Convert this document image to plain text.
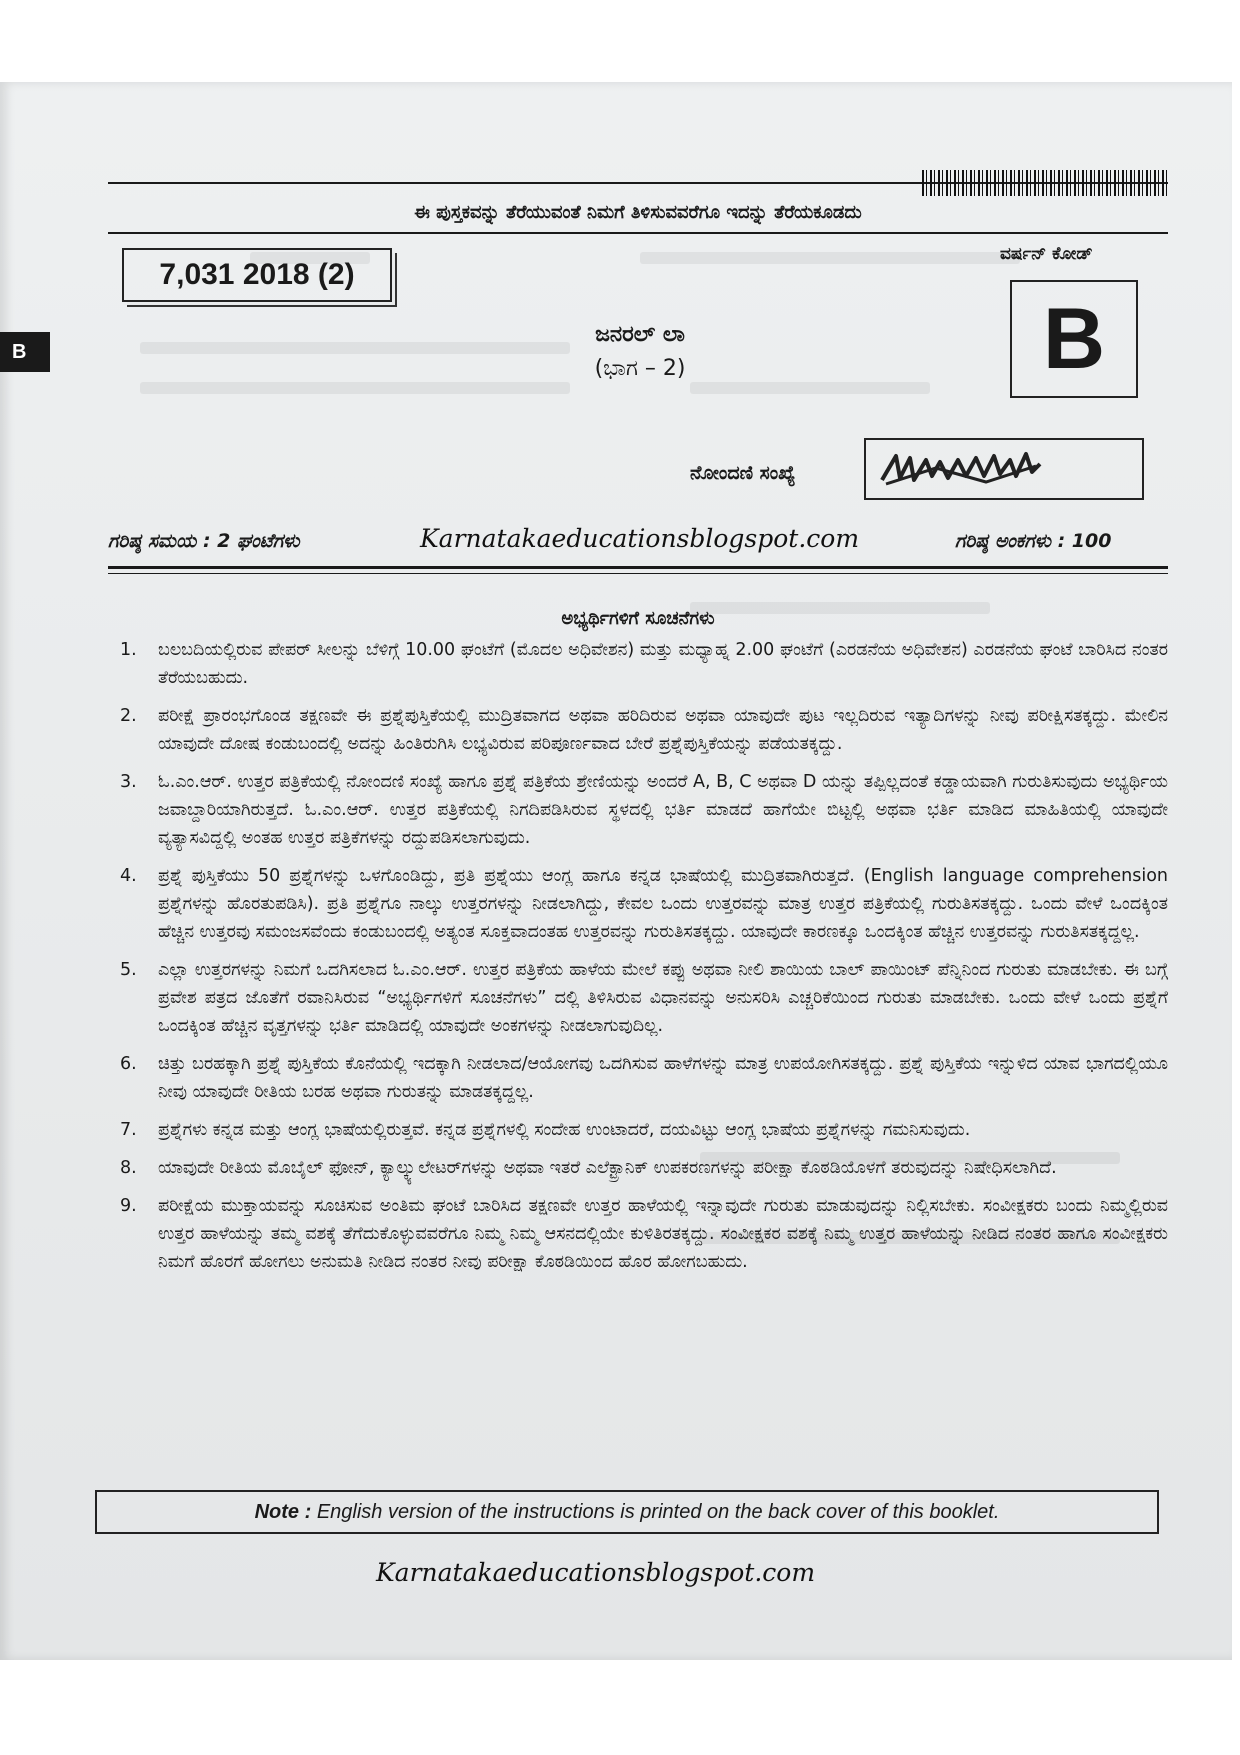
ಈ ಪುಸ್ತಕವನ್ನು ತೆರೆಯುವಂತೆ ನಿಮಗೆ ತಿಳಿಸುವವರೆಗೂ ಇದನ್ನು ತೆರೆಯಕೂಡದು
7,031 2018 (2)
ವರ್ಷನ್ ಕೋಡ್
B
B
ಜನರಲ್ ಲಾ
(ಭಾಗ – 2)
ನೋಂದಣಿ ಸಂಖ್ಯೆ
ಗರಿಷ್ಠ ಸಮಯ : 2 ಘಂಟೆಗಳು	Karnatakaeducationsblogspot.com	ಗರಿಷ್ಠ ಅಂಕಗಳು : 100
ಅಭ್ಯರ್ಥಿಗಳಿಗೆ ಸೂಚನೆಗಳು
1. ಬಲಬದಿಯಲ್ಲಿರುವ ಪೇಪರ್ ಸೀಲನ್ನು ಬೆಳಿಗ್ಗೆ 10.00 ಘಂಟೆಗೆ (ಮೊದಲ ಅಧಿವೇಶನ) ಮತ್ತು ಮಧ್ಯಾಹ್ನ 2.00 ಘಂಟೆಗೆ (ಎರಡನೆಯ ಅಧಿವೇಶನ) ಎರಡನೆಯ ಘಂಟೆ ಬಾರಿಸಿದ ನಂತರ ತೆರೆಯಬಹುದು.
2. ಪರೀಕ್ಷೆ ಪ್ರಾರಂಭಗೊಂಡ ತಕ್ಷಣವೇ ಈ ಪ್ರಶ್ನೆಪುಸ್ತಿಕೆಯಲ್ಲಿ ಮುದ್ರಿತವಾಗದ ಅಥವಾ ಹರಿದಿರುವ ಅಥವಾ ಯಾವುದೇ ಪುಟ ಇಲ್ಲದಿರುವ ಇತ್ಯಾದಿಗಳನ್ನು ನೀವು ಪರೀಕ್ಷಿಸತಕ್ಕದ್ದು. ಮೇಲಿನ ಯಾವುದೇ ದೋಷ ಕಂಡುಬಂದಲ್ಲಿ ಅದನ್ನು ಹಿಂತಿರುಗಿಸಿ ಲಭ್ಯವಿರುವ ಪರಿಪೂರ್ಣವಾದ ಬೇರೆ ಪ್ರಶ್ನೆಪುಸ್ತಿಕೆಯನ್ನು ಪಡೆಯತಕ್ಕದ್ದು.
3. ಓ.ಎಂ.ಆರ್. ಉತ್ತರ ಪತ್ರಿಕೆಯಲ್ಲಿ ನೋಂದಣಿ ಸಂಖ್ಯೆ ಹಾಗೂ ಪ್ರಶ್ನೆ ಪತ್ರಿಕೆಯ ಶ್ರೇಣಿಯನ್ನು ಅಂದರೆ A, B, C ಅಥವಾ D ಯನ್ನು ತಪ್ಪಿಲ್ಲದಂತೆ ಕಡ್ಡಾಯವಾಗಿ ಗುರುತಿಸುವುದು ಅಭ್ಯರ್ಥಿಯ ಜವಾಬ್ದಾರಿಯಾಗಿರುತ್ತದೆ. ಓ.ಎಂ.ಆರ್. ಉತ್ತರ ಪತ್ರಿಕೆಯಲ್ಲಿ ನಿಗದಿಪಡಿಸಿರುವ ಸ್ಥಳದಲ್ಲಿ ಭರ್ತಿ ಮಾಡದೆ ಹಾಗೆಯೇ ಬಿಟ್ಟಲ್ಲಿ ಅಥವಾ ಭರ್ತಿ ಮಾಡಿದ ಮಾಹಿತಿಯಲ್ಲಿ ಯಾವುದೇ ವ್ಯತ್ಯಾಸವಿದ್ದಲ್ಲಿ ಅಂತಹ ಉತ್ತರ ಪತ್ರಿಕೆಗಳನ್ನು ರದ್ದುಪಡಿಸಲಾಗುವುದು.
4. ಪ್ರಶ್ನೆ ಪುಸ್ತಿಕೆಯು 50 ಪ್ರಶ್ನೆಗಳನ್ನು ಒಳಗೊಂಡಿದ್ದು, ಪ್ರತಿ ಪ್ರಶ್ನೆಯು ಆಂಗ್ಲ ಹಾಗೂ ಕನ್ನಡ ಭಾಷೆಯಲ್ಲಿ ಮುದ್ರಿತವಾಗಿರುತ್ತದೆ. (English language comprehension ಪ್ರಶ್ನೆಗಳನ್ನು ಹೊರತುಪಡಿಸಿ). ಪ್ರತಿ ಪ್ರಶ್ನೆಗೂ ನಾಲ್ಕು ಉತ್ತರಗಳನ್ನು ನೀಡಲಾಗಿದ್ದು, ಕೇವಲ ಒಂದು ಉತ್ತರವನ್ನು ಮಾತ್ರ ಉತ್ತರ ಪತ್ರಿಕೆಯಲ್ಲಿ ಗುರುತಿಸತಕ್ಕದ್ದು. ಒಂದು ವೇಳೆ ಒಂದಕ್ಕಿಂತ ಹೆಚ್ಚಿನ ಉತ್ತರವು ಸಮಂಜಸವೆಂದು ಕಂಡುಬಂದಲ್ಲಿ ಅತ್ಯಂತ ಸೂಕ್ತವಾದಂತಹ ಉತ್ತರವನ್ನು ಗುರುತಿಸತಕ್ಕದ್ದು. ಯಾವುದೇ ಕಾರಣಕ್ಕೂ ಒಂದಕ್ಕಿಂತ ಹೆಚ್ಚಿನ ಉತ್ತರವನ್ನು ಗುರುತಿಸತಕ್ಕದ್ದಲ್ಲ.
5. ಎಲ್ಲಾ ಉತ್ತರಗಳನ್ನು ನಿಮಗೆ ಒದಗಿಸಲಾದ ಓ.ಎಂ.ಆರ್. ಉತ್ತರ ಪತ್ರಿಕೆಯ ಹಾಳೆಯ ಮೇಲೆ ಕಪ್ಪು ಅಥವಾ ನೀಲಿ ಶಾಯಿಯ ಬಾಲ್ ಪಾಯಿಂಟ್ ಪೆನ್ನಿನಿಂದ ಗುರುತು ಮಾಡಬೇಕು. ಈ ಬಗ್ಗೆ ಪ್ರವೇಶ ಪತ್ರದ ಜೊತೆಗೆ ರವಾನಿಸಿರುವ “ಅಭ್ಯರ್ಥಿಗಳಿಗೆ ಸೂಚನೆಗಳು” ದಲ್ಲಿ ತಿಳಿಸಿರುವ ವಿಧಾನವನ್ನು ಅನುಸರಿಸಿ ಎಚ್ಚರಿಕೆಯಿಂದ ಗುರುತು ಮಾಡಬೇಕು. ಒಂದು ವೇಳೆ ಒಂದು ಪ್ರಶ್ನೆಗೆ ಒಂದಕ್ಕಿಂತ ಹೆಚ್ಚಿನ ವೃತ್ತಗಳನ್ನು ಭರ್ತಿ ಮಾಡಿದಲ್ಲಿ ಯಾವುದೇ ಅಂಕಗಳನ್ನು ನೀಡಲಾಗುವುದಿಲ್ಲ.
6. ಚಿತ್ತು ಬರಹಕ್ಕಾಗಿ ಪ್ರಶ್ನೆ ಪುಸ್ತಿಕೆಯ ಕೊನೆಯಲ್ಲಿ ಇದಕ್ಕಾಗಿ ನೀಡಲಾದ/ಆಯೋಗವು ಒದಗಿಸುವ ಹಾಳೆಗಳನ್ನು ಮಾತ್ರ ಉಪಯೋಗಿಸತಕ್ಕದ್ದು. ಪ್ರಶ್ನೆ ಪುಸ್ತಿಕೆಯ ಇನ್ನುಳಿದ ಯಾವ ಭಾಗದಲ್ಲಿಯೂ ನೀವು ಯಾವುದೇ ರೀತಿಯ ಬರಹ ಅಥವಾ ಗುರುತನ್ನು ಮಾಡತಕ್ಕದ್ದಲ್ಲ.
7. ಪ್ರಶ್ನೆಗಳು ಕನ್ನಡ ಮತ್ತು ಆಂಗ್ಲ ಭಾಷೆಯಲ್ಲಿರುತ್ತವೆ. ಕನ್ನಡ ಪ್ರಶ್ನೆಗಳಲ್ಲಿ ಸಂದೇಹ ಉಂಟಾದರೆ, ದಯವಿಟ್ಟು ಆಂಗ್ಲ ಭಾಷೆಯ ಪ್ರಶ್ನೆಗಳನ್ನು ಗಮನಿಸುವುದು.
8. ಯಾವುದೇ ರೀತಿಯ ಮೊಬೈಲ್ ಫೋನ್, ಕ್ಯಾಲ್ಕ್ಯುಲೇಟರ್‌ಗಳನ್ನು ಅಥವಾ ಇತರೆ ಎಲೆಕ್ಟ್ರಾನಿಕ್ ಉಪಕರಣಗಳನ್ನು ಪರೀಕ್ಷಾ ಕೊಠಡಿಯೊಳಗೆ ತರುವುದನ್ನು ನಿಷೇಧಿಸಲಾಗಿದೆ.
9. ಪರೀಕ್ಷೆಯ ಮುಕ್ತಾಯವನ್ನು ಸೂಚಿಸುವ ಅಂತಿಮ ಘಂಟೆ ಬಾರಿಸಿದ ತಕ್ಷಣವೇ ಉತ್ತರ ಹಾಳೆಯಲ್ಲಿ ಇನ್ನಾವುದೇ ಗುರುತು ಮಾಡುವುದನ್ನು ನಿಲ್ಲಿಸಬೇಕು. ಸಂವೀಕ್ಷಕರು ಬಂದು ನಿಮ್ಮಲ್ಲಿರುವ ಉತ್ತರ ಹಾಳೆಯನ್ನು ತಮ್ಮ ವಶಕ್ಕೆ ತೆಗೆದುಕೊಳ್ಳುವವರೆಗೂ ನಿಮ್ಮ ನಿಮ್ಮ ಆಸನದಲ್ಲಿಯೇ ಕುಳಿತಿರತಕ್ಕದ್ದು. ಸಂವೀಕ್ಷಕರ ವಶಕ್ಕೆ ನಿಮ್ಮ ಉತ್ತರ ಹಾಳೆಯನ್ನು ನೀಡಿದ ನಂತರ ಹಾಗೂ ಸಂವೀಕ್ಷಕರು ನಿಮಗೆ ಹೊರಗೆ ಹೋಗಲು ಅನುಮತಿ ನೀಡಿದ ನಂತರ ನೀವು ಪರೀಕ್ಷಾ ಕೊಠಡಿಯಿಂದ ಹೊರ ಹೋಗಬಹುದು.
Note : English version of the instructions is printed on the back cover of this booklet.
Karnatakaeducationsblogspot.com
